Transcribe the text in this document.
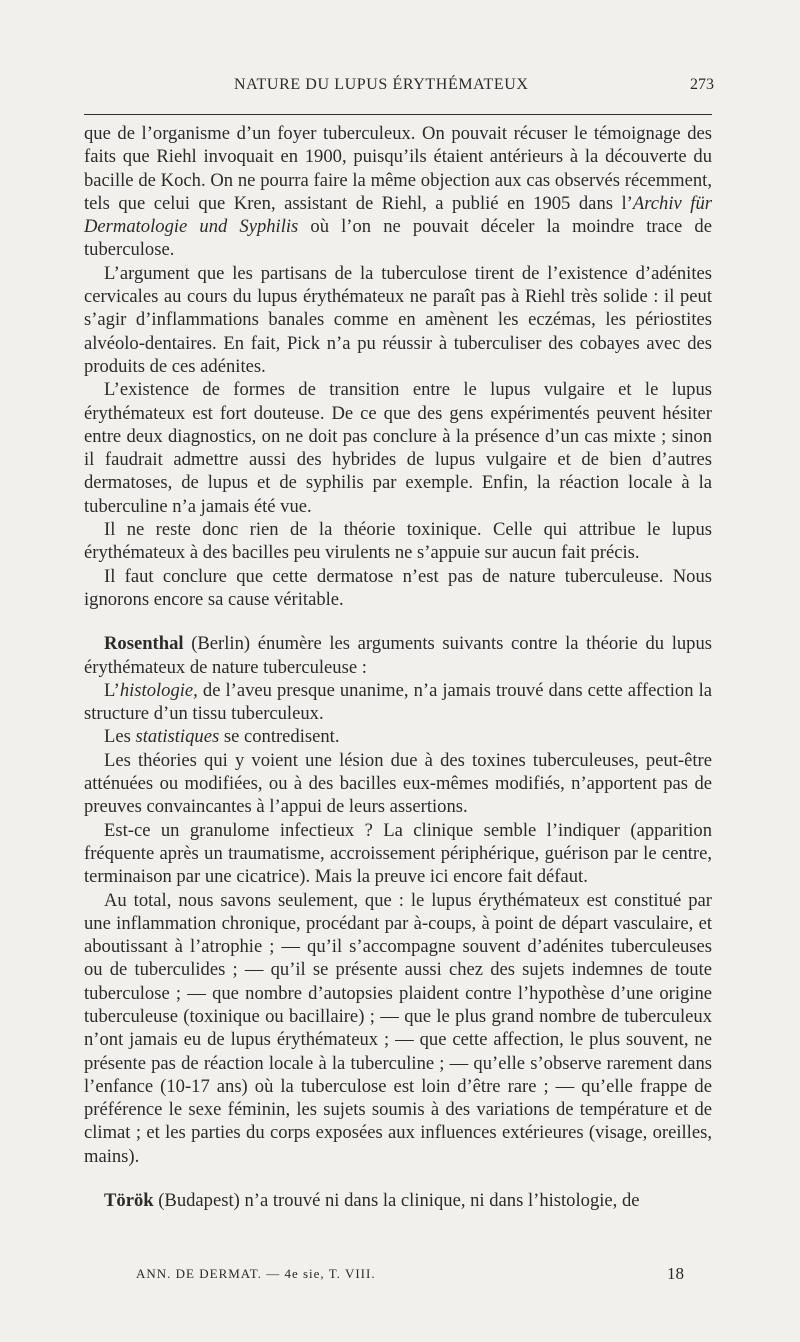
NATURE DU LUPUS ÉRYTHÉMATEUX	273

que de l’organisme d’un foyer tuberculeux. On pouvait récuser le témoignage des faits que Riehl invoquait en 1900, puisqu’ils étaient antérieurs à la découverte du bacille de Koch. On ne pourra faire la même objection aux cas observés récemment, tels que celui que Kren, assistant de Riehl, a publié en 1905 dans l’Archiv für Dermatologie und Syphilis où l’on ne pouvait déceler la moindre trace de tuberculose.

L’argument que les partisans de la tuberculose tirent de l’existence d’adénites cervicales au cours du lupus érythémateux ne paraît pas à Riehl très solide : il peut s’agir d’inflammations banales comme en amènent les eczémas, les périostites alvéolo-dentaires. En fait, Pick n’a pu réussir à tuberculiser des cobayes avec des produits de ces adénites.

L’existence de formes de transition entre le lupus vulgaire et le lupus érythémateux est fort douteuse. De ce que des gens expérimentés peuvent hésiter entre deux diagnostics, on ne doit pas conclure à la présence d’un cas mixte ; sinon il faudrait admettre aussi des hybrides de lupus vulgaire et de bien d’autres dermatoses, de lupus et de syphilis par exemple. Enfin, la réaction locale à la tuberculine n’a jamais été vue.

Il ne reste donc rien de la théorie toxinique. Celle qui attribue le lupus érythémateux à des bacilles peu virulents ne s’appuie sur aucun fait précis.

Il faut conclure que cette dermatose n’est pas de nature tuberculeuse. Nous ignorons encore sa cause véritable.

Rosenthal (Berlin) énumère les arguments suivants contre la théorie du lupus érythémateux de nature tuberculeuse :

L’histologie, de l’aveu presque unanime, n’a jamais trouvé dans cette affection la structure d’un tissu tuberculeux.

Les statistiques se contredisent.

Les théories qui y voient une lésion due à des toxines tuberculeuses, peut-être atténuées ou modifiées, ou à des bacilles eux-mêmes modifiés, n’apportent pas de preuves convaincantes à l’appui de leurs assertions.

Est-ce un granulome infectieux ? La clinique semble l’indiquer (apparition fréquente après un traumatisme, accroissement périphérique, guérison par le centre, terminaison par une cicatrice). Mais la preuve ici encore fait défaut.

Au total, nous savons seulement, que : le lupus érythémateux est constitué par une inflammation chronique, procédant par à-coups, à point de départ vasculaire, et aboutissant à l’atrophie ; — qu’il s’accompagne souvent d’adénites tuberculeuses ou de tuberculides ; — qu’il se présente aussi chez des sujets indemnes de toute tuberculose ; — que nombre d’autopsies plaident contre l’hypothèse d’une origine tuberculeuse (toxinique ou bacillaire) ; — que le plus grand nombre de tuberculeux n’ont jamais eu de lupus érythémateux ; — que cette affection, le plus souvent, ne présente pas de réaction locale à la tuberculine ; — qu’elle s’observe rarement dans l’enfance (10-17 ans) où la tuberculose est loin d’être rare ; — qu’elle frappe de préférence le sexe féminin, les sujets soumis à des variations de température et de climat ; et les parties du corps exposées aux influences extérieures (visage, oreilles, mains).

Török (Budapest) n’a trouvé ni dans la clinique, ni dans l’histologie, de

ANN. DE DERMAT. — 4e sie, T. VIII.	18
